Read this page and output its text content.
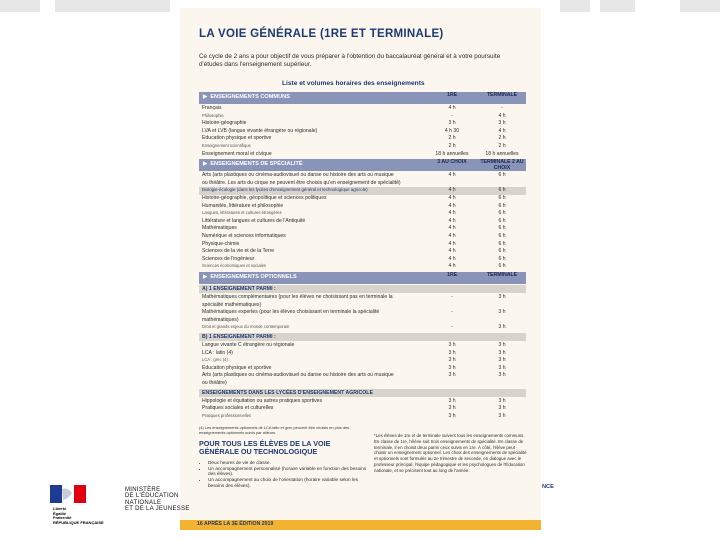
LA VOIE GÉNÉRALE (1RE ET TERMINALE)
Ce cycle de 2 ans a pour objectif de vous préparer à l'obtention du baccalauréat général et à votre poursuite d'études dans l'enseignement supérieur.
Liste et volumes horaires des enseignements
▶ ENSEIGNEMENTS COMMUNS	1RE	TERMINALE
Français	4 h	-
Philosophie	-	4 h
Histoire-géographie	3 h	3 h
LVA et LVB (langue vivante étrangère ou régionale)	4 h 30	4 h
Éducation physique et sportive	2 h	2 h
Enseignement scientifique	2 h	2 h
Enseignement moral et civique	18 h annuelles	18 h annuelles
▶ ENSEIGNEMENTS DE SPÉCIALITÉ	3 AU CHOIX	TERMINALE 2 AU CHOIX
Arts (arts plastiques ou cinéma-audiovisuel ou danse ou histoire des arts ou musique	4 h	6 h
ou théâtre. Les arts du cirque ne peuvent être choisis qu'en enseignement de spécialité)
Biologie-écologie (dans les lycées d'enseignement général et technologique agricole)	4 h	6 h
Histoire-géographie, géopolitique et sciences politiques	4 h	6 h
Humanités, littérature et philosophie	4 h	6 h
Langues, littératures et cultures étrangères	4 h	6 h
Littérature et langues et cultures de l'Antiquité	4 h	6 h
Mathématiques	4 h	6 h
Numérique et sciences informatiques	4 h	6 h
Physique-chimie	4 h	6 h
Sciences de la vie et de la Terre	4 h	6 h
Sciences de l'ingénieur	4 h	6 h
Sciences économiques et sociales	4 h	6 h
▶ ENSEIGNEMENTS OPTIONNELS	1RE	TERMINALE
A) 1 ENSEIGNEMENT PARMI :
Mathématiques complémentaires (pour les élèves ne choisissant pas en terminale la	-	3 h
spécialité mathématiques)
Mathématiques expertes (pour les élèves choisissant en terminale la spécialité	-	3 h
mathématiques)
Droit et grands enjeux du monde contemporain	-	3 h
B) 1 ENSEIGNEMENT PARMI :
Langue vivante C étrangère ou régionale	3 h	3 h
LCA : latin (4)	3 h	3 h
LCA : grec (4)	3 h	3 h
Éducation physique et sportive	3 h	3 h
Arts (arts plastiques ou cinéma-audiovisuel ou danse ou histoire des arts ou musique	3 h	3 h
ou théâtre)
ENSEIGNEMENTS DANS LES LYCÉES D'ENSEIGNEMENT AGRICOLE
Hippologie et équitation ou autres pratiques sportives	3 h	3 h
Pratiques sociales et culturelles	3 h	3 h
Pratiques professionnelles	3 h	3 h
(4) Les enseignements optionnels de LCA latin et grec peuvent être choisis en plus des enseignements optionnels suivis par ailleurs.
POUR TOUS LES ÉLÈVES DE LA VOIE GÉNÉRALE OU TECHNOLOGIQUE
• Deux heures de vie de classe.
• Un accompagnement personnalisé (horaire variable en fonction des besoins des élèves).
• Un accompagnement au choix de l'orientation (horaire variable selon les besoins des élèves).
*Les élèves de 1re et de terminale suivent tous les enseignements communs. En classe de 1re, l'élève suit trois enseignements de spécialité. En classe de terminale, il en choisit deux parmi ceux suivis en 1re. À côté, l'élève peut choisir un enseignement optionnel. Les choix des enseignements de spécialité et optionnels sont formulés au 2e trimestre de seconde, en dialogue avec le professeur principal, l'équipe pédagogique et les psychologues de l'Éducation nationale, et se précisent tout au long de l'année.
16 APRÈS LA 3E ÉDITION 2019
Liberté
Égalité
Fraternité
RÉPUBLIQUE FRANÇAISE
MINISTÈRE
DE L'ÉDUCATION
NATIONALE
ET DE LA JEUNESSE
NCE
